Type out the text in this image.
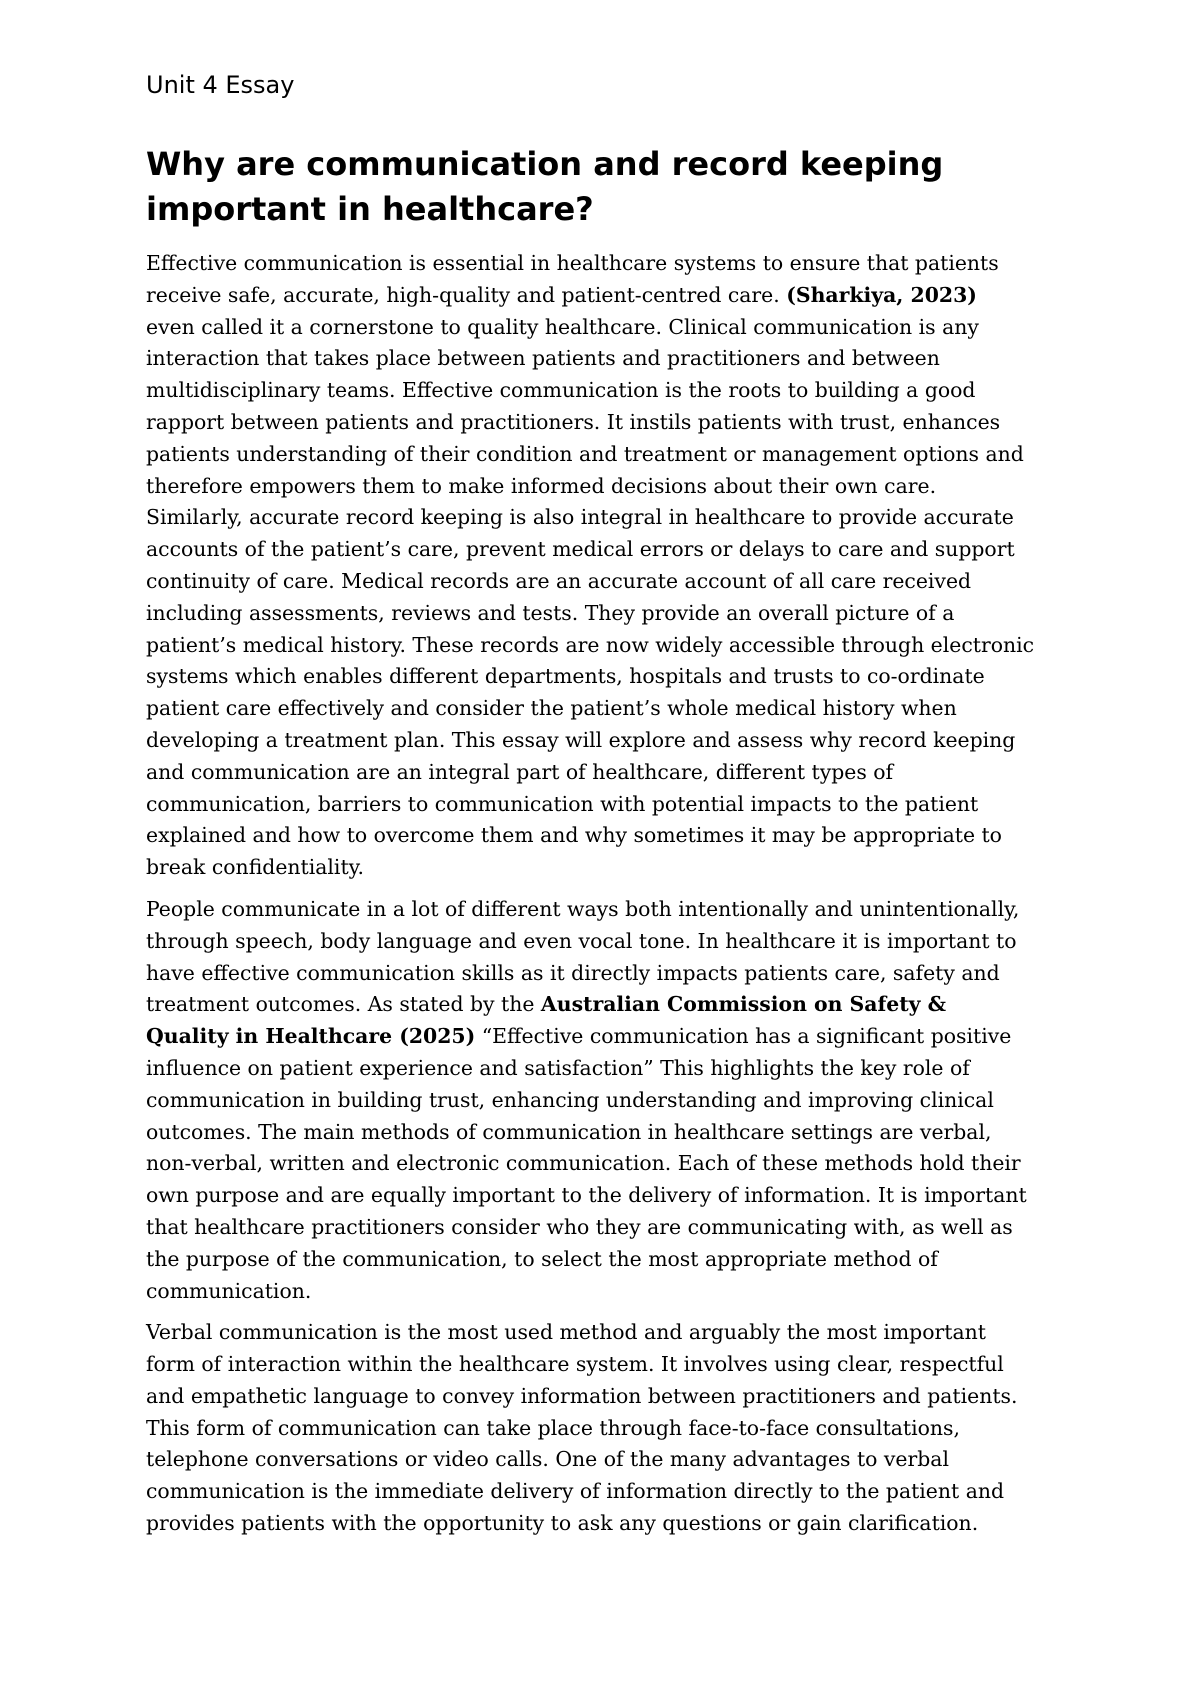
Unit 4 Essay
Why are communication and record keeping
important in healthcare?

Effective communication is essential in healthcare systems to ensure that patients
receive safe, accurate, high-quality and patient-centred care. (Sharkiya, 2023)
even called it a cornerstone to quality healthcare. Clinical communication is any
interaction that takes place between patients and practitioners and between
multidisciplinary teams. Effective communication is the roots to building a good
rapport between patients and practitioners. It instils patients with trust, enhances
patients understanding of their condition and treatment or management options and
therefore empowers them to make informed decisions about their own care.
Similarly, accurate record keeping is also integral in healthcare to provide accurate
accounts of the patient’s care, prevent medical errors or delays to care and support
continuity of care. Medical records are an accurate account of all care received
including assessments, reviews and tests. They provide an overall picture of a
patient’s medical history. These records are now widely accessible through electronic
systems which enables different departments, hospitals and trusts to co-ordinate
patient care effectively and consider the patient’s whole medical history when
developing a treatment plan. This essay will explore and assess why record keeping
and communication are an integral part of healthcare, different types of
communication, barriers to communication with potential impacts to the patient
explained and how to overcome them and why sometimes it may be appropriate to
break confidentiality.

People communicate in a lot of different ways both intentionally and unintentionally,
through speech, body language and even vocal tone. In healthcare it is important to
have effective communication skills as it directly impacts patients care, safety and
treatment outcomes. As stated by the Australian Commission on Safety &
Quality in Healthcare (2025) “Effective communication has a significant positive
influence on patient experience and satisfaction” This highlights the key role of
communication in building trust, enhancing understanding and improving clinical
outcomes. The main methods of communication in healthcare settings are verbal,
non-verbal, written and electronic communication. Each of these methods hold their
own purpose and are equally important to the delivery of information. It is important
that healthcare practitioners consider who they are communicating with, as well as
the purpose of the communication, to select the most appropriate method of
communication.

Verbal communication is the most used method and arguably the most important
form of interaction within the healthcare system. It involves using clear, respectful
and empathetic language to convey information between practitioners and patients.
This form of communication can take place through face-to-face consultations,
telephone conversations or video calls. One of the many advantages to verbal
communication is the immediate delivery of information directly to the patient and
provides patients with the opportunity to ask any questions or gain clarification.
